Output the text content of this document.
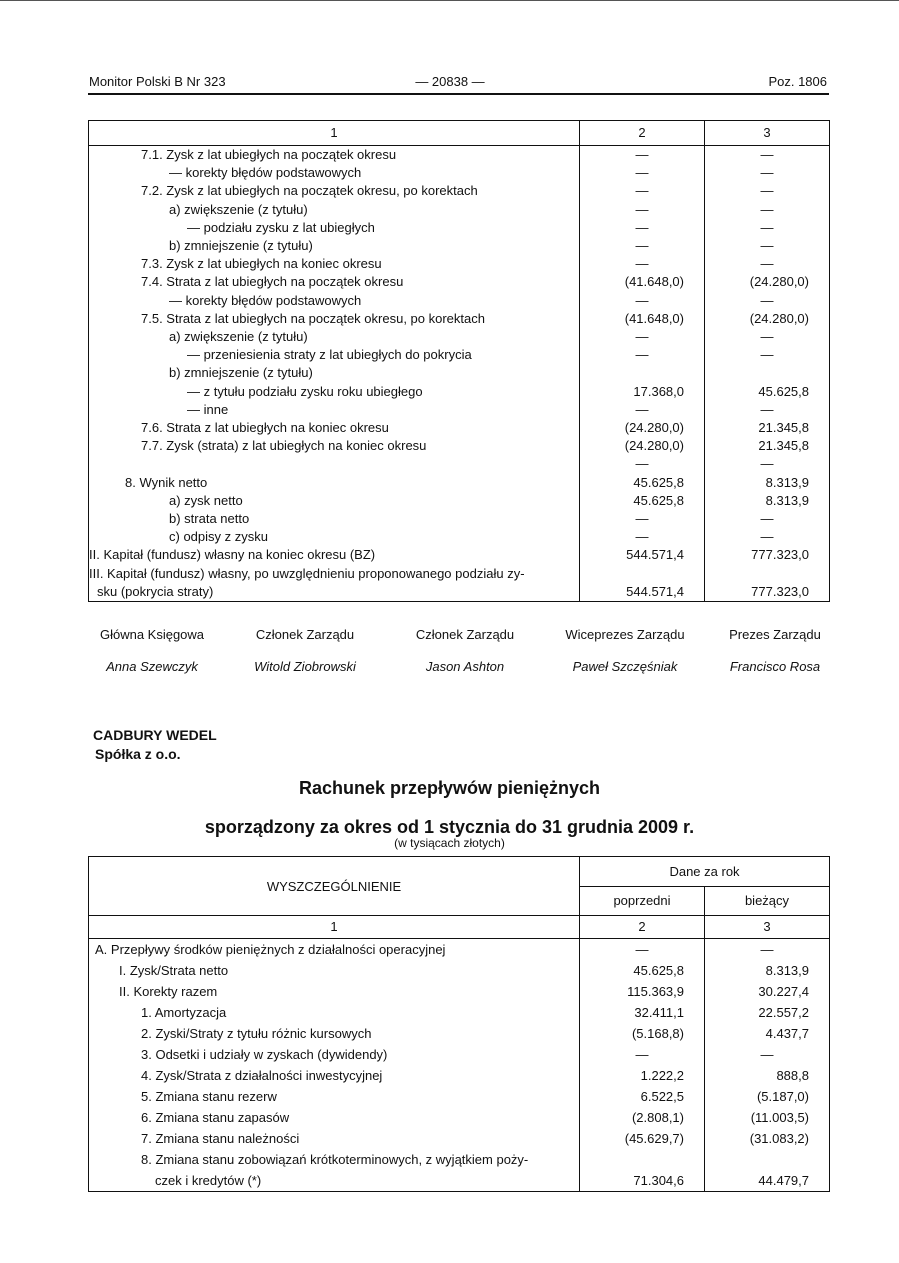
Monitor Polski B Nr 323	— 20838 —	Poz. 1806
1	2	3
7.1. Zysk z lat ubiegłych na początek okresu	—	—
— korekty błędów podstawowych	—	—
7.2. Zysk z lat ubiegłych na początek okresu, po korektach	—	—
a) zwiększenie (z tytułu)	—	—
— podziału zysku z lat ubiegłych	—	—
b) zmniejszenie (z tytułu)	—	—
7.3. Zysk z lat ubiegłych na koniec okresu	—	—
7.4. Strata z lat ubiegłych na początek okresu	(41.648,0)	(24.280,0)
— korekty błędów podstawowych	—	—
7.5. Strata z lat ubiegłych na początek okresu, po korektach	(41.648,0)	(24.280,0)
a) zwiększenie (z tytułu)	—	—
— przeniesienia straty z lat ubiegłych do pokrycia	—	—
b) zmniejszenie (z tytułu)		
— z tytułu podziału zysku roku ubiegłego	17.368,0	45.625,8
— inne	—	—
7.6. Strata z lat ubiegłych na koniec okresu	(24.280,0)	21.345,8
7.7. Zysk (strata) z lat ubiegłych na koniec okresu	(24.280,0)	21.345,8
	—	—
8. Wynik netto	45.625,8	8.313,9
a) zysk netto	45.625,8	8.313,9
b) strata netto	—	—
c) odpisy z zysku	—	—
II. Kapitał (fundusz) własny na koniec okresu (BZ)	544.571,4	777.323,0
III. Kapitał (fundusz) własny, po uwzględnieniu proponowanego podziału zy-		
sku (pokrycia straty)	544.571,4	777.323,0
Główna Księgowa
Anna Szewczyk
Członek Zarządu
Witold Ziobrowski
Członek Zarządu
Jason Ashton
Wiceprezes Zarządu
Paweł Szczęśniak
Prezes Zarządu
Francisco Rosa
CADBURY WEDEL
Spółka z o.o.
Rachunek przepływów pieniężnych
sporządzony za okres od 1 stycznia do 31 grudnia 2009 r.
(w tysiącach złotych)
WYSZCZEGÓLNIENIE	Dane za rok	
	poprzedni	bieżący
1	2	3
A. Przepływy środków pieniężnych z działalności operacyjnej	—	—
I. Zysk/Strata netto	45.625,8	8.313,9
II. Korekty razem	115.363,9	30.227,4
1. Amortyzacja	32.411,1	22.557,2
2. Zyski/Straty z tytułu różnic kursowych	(5.168,8)	4.437,7
3. Odsetki i udziały w zyskach (dywidendy)	—	—
4. Zysk/Strata z działalności inwestycyjnej	1.222,2	888,8
5. Zmiana stanu rezerw	6.522,5	(5.187,0)
6. Zmiana stanu zapasów	(2.808,1)	(11.003,5)
7. Zmiana stanu należności	(45.629,7)	(31.083,2)
8. Zmiana stanu zobowiązań krótkoterminowych, z wyjątkiem poży-		
czek i kredytów (*)	71.304,6	44.479,7
